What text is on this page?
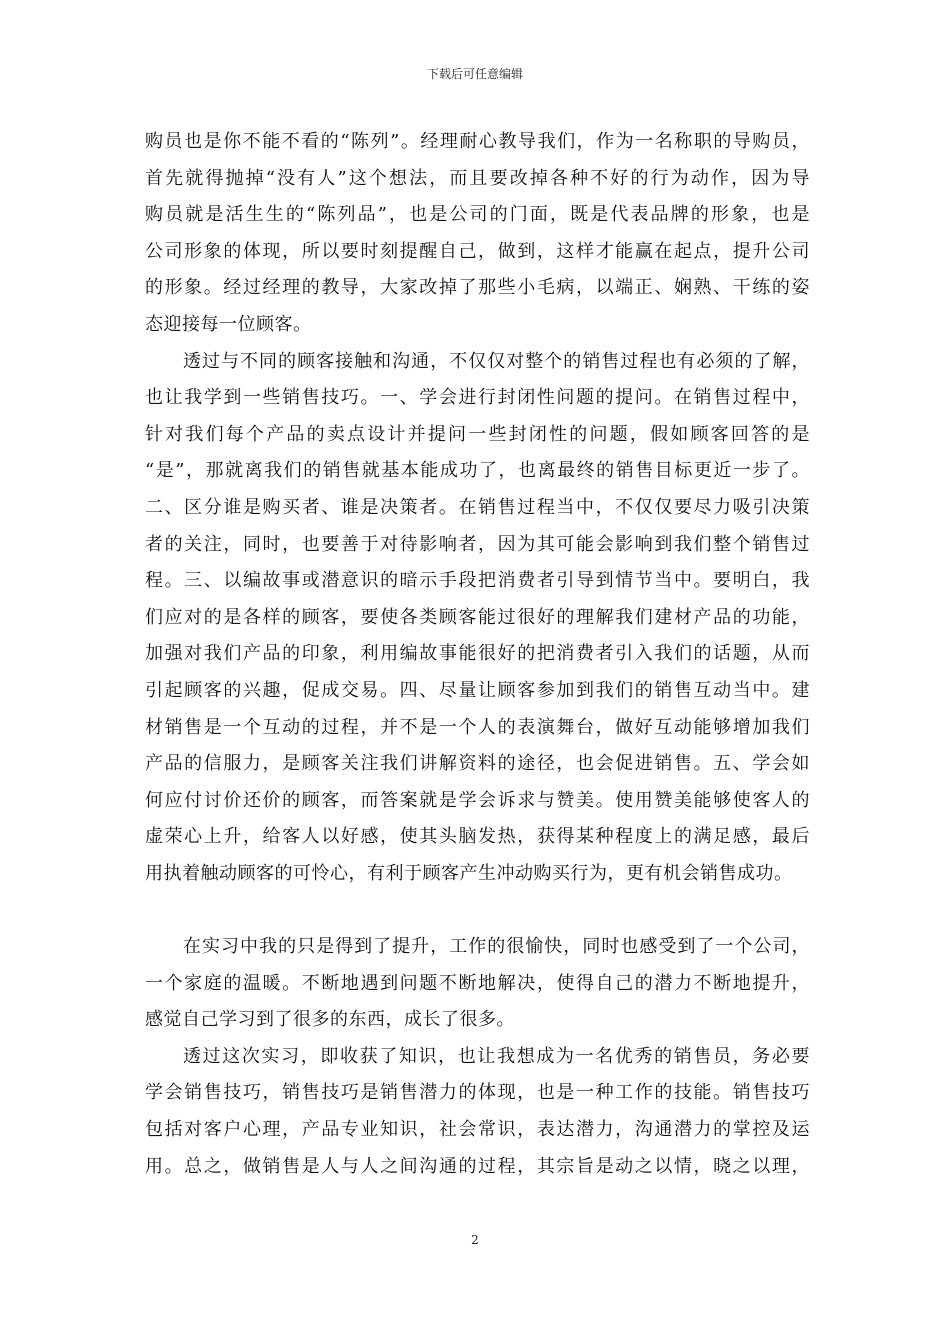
下载后可任意编辑
购员也是你不能不看的“陈列”。经理耐心教导我们，作为一名称职的导购员，
首先就得抛掉“没有人”这个想法，而且要改掉各种不好的行为动作，因为导
购员就是活生生的“陈列品”，也是公司的门面，既是代表品牌的形象，也是
公司形象的体现，所以要时刻提醒自己，做到，这样才能赢在起点，提升公司
的形象。经过经理的教导，大家改掉了那些小毛病，以端正、娴熟、干练的姿
态迎接每一位顾客。
透过与不同的顾客接触和沟通，不仅仅对整个的销售过程也有必须的了解，
也让我学到一些销售技巧。一、学会进行封闭性问题的提问。在销售过程中，
针对我们每个产品的卖点设计并提问一些封闭性的问题，假如顾客回答的是
“是”，那就离我们的销售就基本能成功了，也离最终的销售目标更近一步了。
二、区分谁是购买者、谁是决策者。在销售过程当中，不仅仅要尽力吸引决策
者的关注，同时，也要善于对待影响者，因为其可能会影响到我们整个销售过
程。三、以编故事或潜意识的暗示手段把消费者引导到情节当中。要明白，我
们应对的是各样的顾客，要使各类顾客能过很好的理解我们建材产品的功能，
加强对我们产品的印象，利用编故事能很好的把消费者引入我们的话题，从而
引起顾客的兴趣，促成交易。四、尽量让顾客参加到我们的销售互动当中。建
材销售是一个互动的过程，并不是一个人的表演舞台，做好互动能够增加我们
产品的信服力，是顾客关注我们讲解资料的途径，也会促进销售。五、学会如
何应付讨价还价的顾客，而答案就是学会诉求与赞美。使用赞美能够使客人的
虚荣心上升，给客人以好感，使其头脑发热，获得某种程度上的满足感，最后
用执着触动顾客的可怜心，有利于顾客产生冲动购买行为，更有机会销售成功。
在实习中我的只是得到了提升，工作的很愉快，同时也感受到了一个公司，
一个家庭的温暖。不断地遇到问题不断地解决，使得自己的潜力不断地提升，
感觉自己学习到了很多的东西，成长了很多。
透过这次实习，即收获了知识，也让我想成为一名优秀的销售员，务必要
学会销售技巧，销售技巧是销售潜力的体现，也是一种工作的技能。销售技巧
包括对客户心理，产品专业知识，社会常识，表达潜力，沟通潜力的掌控及运
用。总之，做销售是人与人之间沟通的过程，其宗旨是动之以情，晓之以理，
2
